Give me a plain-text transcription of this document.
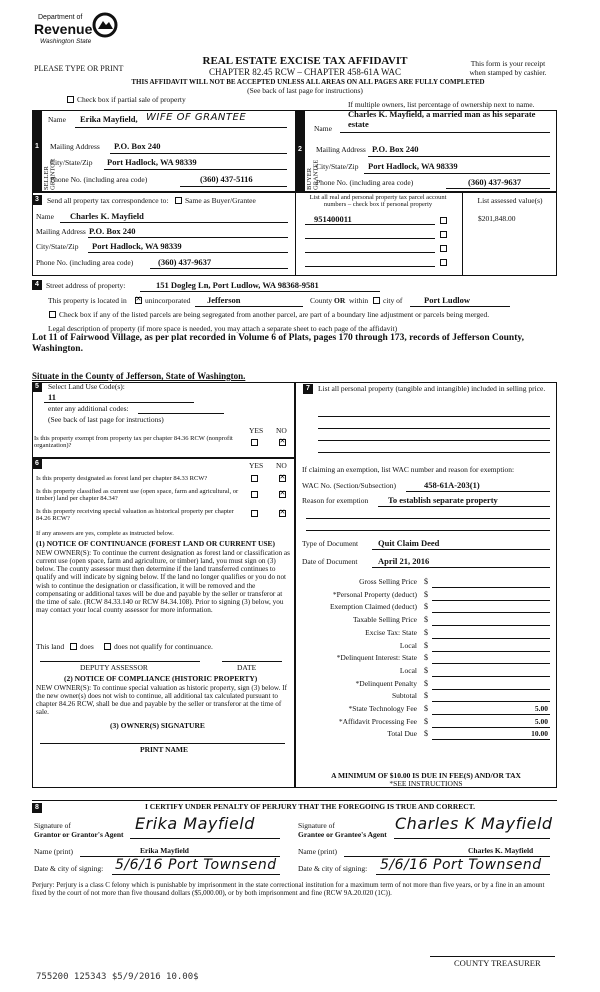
Department of
Revenue
Washington State
PLEASE TYPE OR PRINT
REAL ESTATE EXCISE TAX AFFIDAVIT
CHAPTER 82.45 RCW – CHAPTER 458-61A WAC
THIS AFFIDAVIT WILL NOT BE ACCEPTED UNLESS ALL AREAS ON ALL PAGES ARE FULLY COMPLETED
(See back of last page for instructions)
This form is your receipt when stamped by cashier.
Check box if partial sale of property
If multiple owners, list percentage of ownership next to name.
1	2
SELLER GRANTOR	BUYER GRANTEE
Name Erika Mayfield, WIFE OF GRANTEE
Mailing Address P.O. Box 240
City/State/Zip Port Hadlock, WA 98339
Phone No. (including area code)	(360) 437-5116
Name
Charles K. Mayfield, a married man as his separate estate
Mailing Address P.O. Box 240
City/State/Zip Port Hadlock, WA 98339
Phone No. (including area code)	(360) 437-9637
3	Send all property tax correspondence to: Same as Buyer/Grantee
Name Charles K. Mayfield
Mailing Address P.O. Box 240
City/State/Zip Port Hadlock, WA 98339
Phone No. (including area code)	(360) 437-9637
List all real and personal property tax parcel account numbers – check box if personal property	List assessed value(s)
951400011	$201,848.00
4 Street address of property:	151 Dogleg Ln, Port Ludlow, WA 98368-9581
This property is located in
✕ unincorporated Jefferson	County OR within city of	Port Ludlow
Check box if any of the listed parcels are being segregated from another parcel, are part of a boundary line adjustment or parcels being merged.
Legal description of property (if more space is needed, you may attach a separate sheet to each page of the affidavit)
Lot 11 of Fairwood Village, as per plat recorded in Volume 6 of Plats, pages 170 through 173, records of Jefferson County, Washington.
Situate in the County of Jefferson, State of Washington.
5	Select Land Use Code(s):
11
enter any additional codes:
(See back of last page for instructions)
YES NO
Is this property exempt from property tax per chapter 84.36 RCW (nonprofit organization)?
✕
6	YES NO
Is this property designated as forest land per chapter 84.33 RCW?
✕
Is this property classified as current use (open space, farm and agricultural, or timber) land per chapter 84.34?
✕
Is this property receiving special valuation as historical property per chapter 84.26 RCW?
✕
If any answers are yes, complete as instructed below.
(1) NOTICE OF CONTINUANCE (FOREST LAND OR CURRENT USE)
NEW OWNER(S): To continue the current designation as forest land or classification as current use (open space, farm and agriculture, or timber) land, you must sign on (3) below. The county assessor must then determine if the land transferred continues to qualify and will indicate by signing below. If the land no longer qualifies or you do not wish to continue the designation or classification, it will be removed and the compensating or additional taxes will be due and payable by the seller or transferor at the time of sale. (RCW 84.33.140 or RCW 84.34.108). Prior to signing (3) below, you may contact your local county assessor for more information.
This land does	does not qualify for continuance.
DEPUTY ASSESSOR	DATE
(2) NOTICE OF COMPLIANCE (HISTORIC PROPERTY)
NEW OWNER(S): To continue special valuation as historic property, sign (3) below. If the new owner(s) does not wish to continue, all additional tax calculated pursuant to chapter 84.26 RCW, shall be due and payable by the seller or transferor at the time of sale.
(3) OWNER(S) SIGNATURE
PRINT NAME
7	List all personal property (tangible and intangible) included in selling price.
If claiming an exemption, list WAC number and reason for exemption:
WAC No. (Section/Subsection)	458-61A-203(1)
Reason for exemption To establish separate property
Type of Document Quit Claim Deed
Date of Document April 21, 2016
Gross Selling Price $
*Personal Property (deduct) $
Exemption Claimed (deduct) $
Taxable Selling Price $
Excise Tax: State $
Local $
*Delinquent Interest: State $
Local $
*Delinquent Penalty $
Subtotal $
*State Technology Fee $	5.00
*Affidavit Processing Fee $	5.00
Total Due $	10.00
A MINIMUM OF $10.00 IS DUE IN FEE(S) AND/OR TAX
*SEE INSTRUCTIONS
8	I CERTIFY UNDER PENALTY OF PERJURY THAT THE FOREGOING IS TRUE AND CORRECT.
Signature of
Grantor or Grantor's Agent
Erika Mayfield	Signature of
Grantee or Grantee's Agent
Charles K Mayfield
Name (print)	Erika Mayfield	Name (print)	Charles K. Mayfield
Date & city of signing: 5/6/16 Port Townsend	Date & city of signing: 5/6/16 Port Townsend
Perjury: Perjury is a class C felony which is punishable by imprisonment in the state correctional institution for a maximum term of not more than five years, or by a fine in an amount fixed by the court of not more than five thousand dollars ($5,000.00), or by both imprisonment and fine (RCW 9A.20.020 (1C)).
755200 125343 $5/9/2016 10.00$
COUNTY TREASURER
